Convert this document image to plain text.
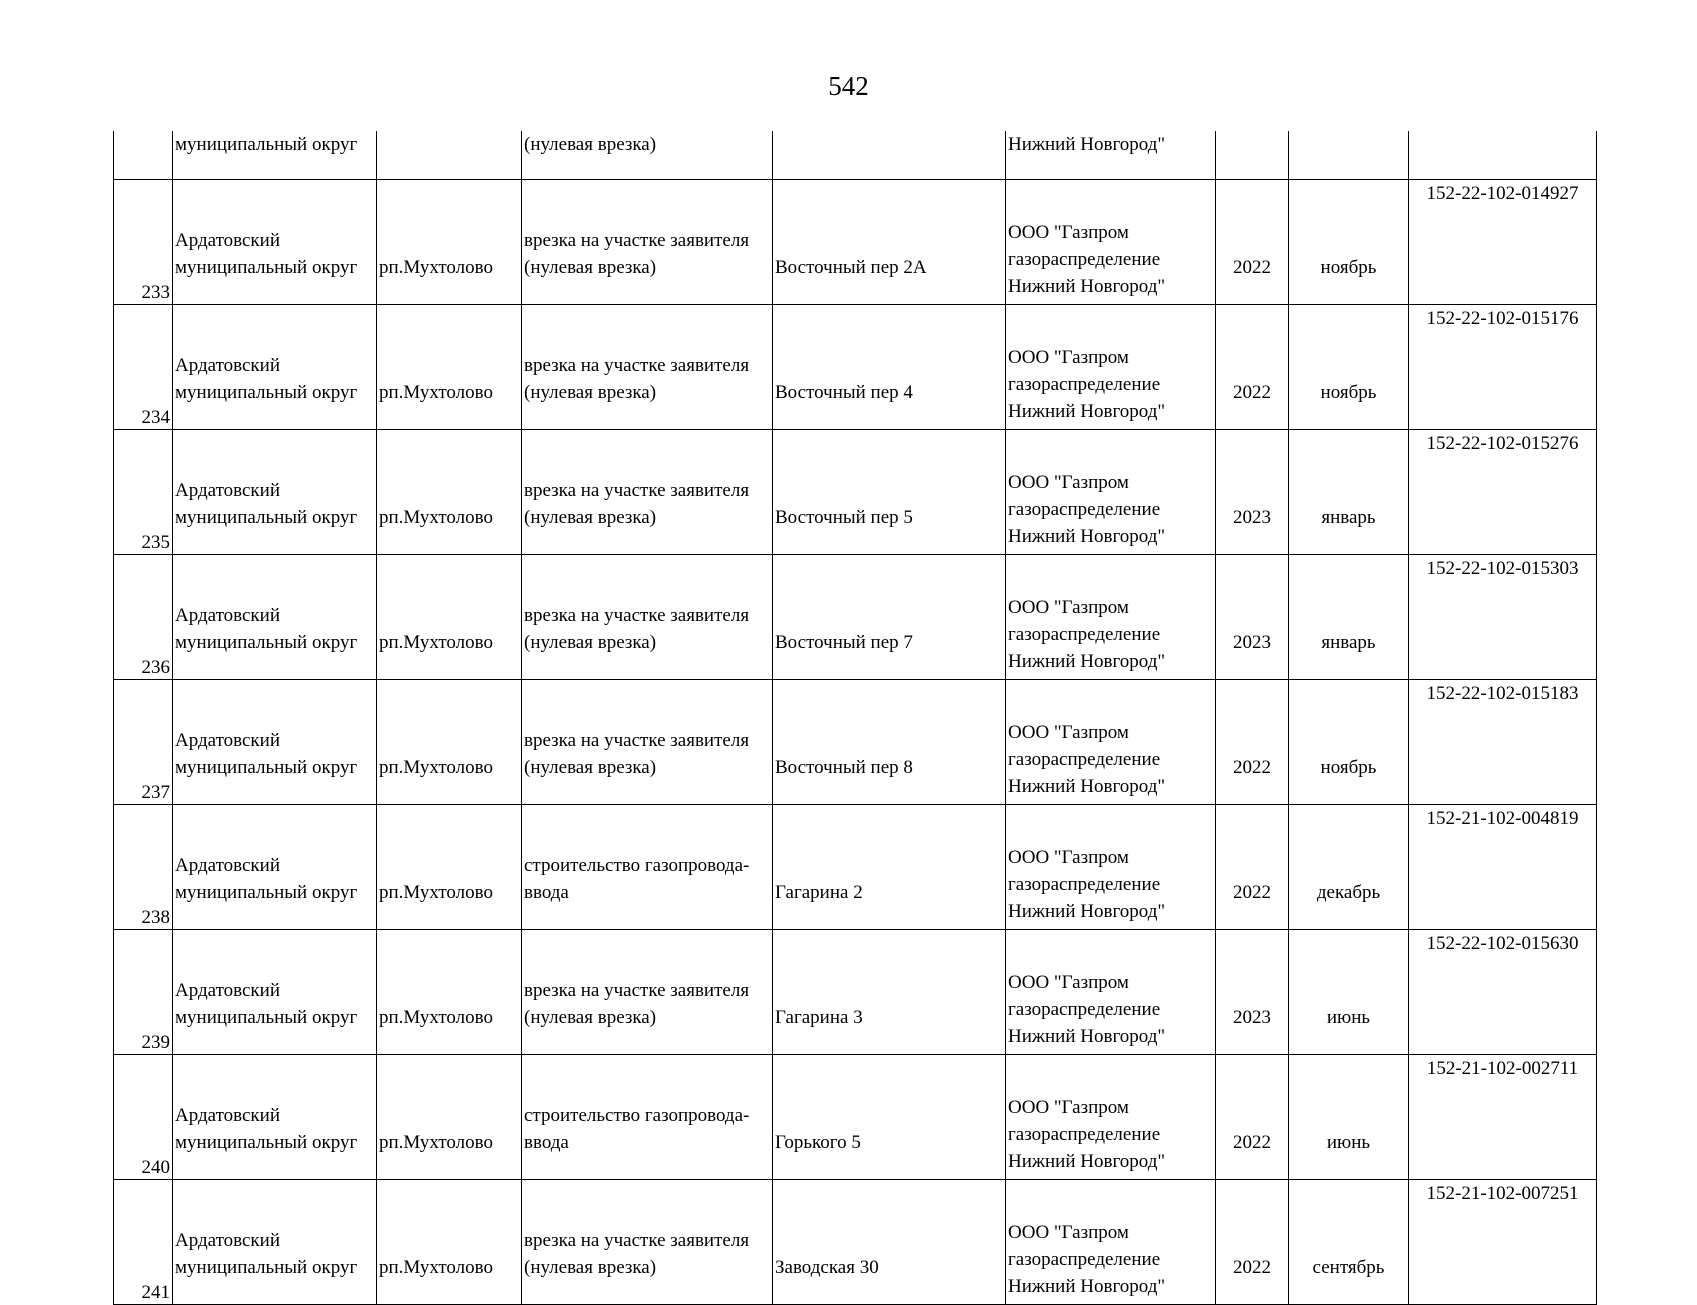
542
	муниципальный округ		(нулевая врезка)		Нижний Новгород"			
233	Ардатовский
муниципальный округ	рп.Мухтолово	врезка на участке заявителя
(нулевая врезка)	Восточный пер 2А	ООО "Газпром
газораспределение
Нижний Новгород"	2022	ноябрь	152-22-102-014927
234	Ардатовский
муниципальный округ	рп.Мухтолово	врезка на участке заявителя
(нулевая врезка)	Восточный пер 4	ООО "Газпром
газораспределение
Нижний Новгород"	2022	ноябрь	152-22-102-015176
235	Ардатовский
муниципальный округ	рп.Мухтолово	врезка на участке заявителя
(нулевая врезка)	Восточный пер 5	ООО "Газпром
газораспределение
Нижний Новгород"	2023	январь	152-22-102-015276
236	Ардатовский
муниципальный округ	рп.Мухтолово	врезка на участке заявителя
(нулевая врезка)	Восточный пер 7	ООО "Газпром
газораспределение
Нижний Новгород"	2023	январь	152-22-102-015303
237	Ардатовский
муниципальный округ	рп.Мухтолово	врезка на участке заявителя
(нулевая врезка)	Восточный пер 8	ООО "Газпром
газораспределение
Нижний Новгород"	2022	ноябрь	152-22-102-015183
238	Ардатовский
муниципальный округ	рп.Мухтолово	строительство газопровода-
ввода	Гагарина 2	ООО "Газпром
газораспределение
Нижний Новгород"	2022	декабрь	152-21-102-004819
239	Ардатовский
муниципальный округ	рп.Мухтолово	врезка на участке заявителя
(нулевая врезка)	Гагарина 3	ООО "Газпром
газораспределение
Нижний Новгород"	2023	июнь	152-22-102-015630
240	Ардатовский
муниципальный округ	рп.Мухтолово	строительство газопровода-
ввода	Горького 5	ООО "Газпром
газораспределение
Нижний Новгород"	2022	июнь	152-21-102-002711
241	Ардатовский
муниципальный округ	рп.Мухтолово	врезка на участке заявителя
(нулевая врезка)	Заводская 30	ООО "Газпром
газораспределение
Нижний Новгород"	2022	сентябрь	152-21-102-007251
